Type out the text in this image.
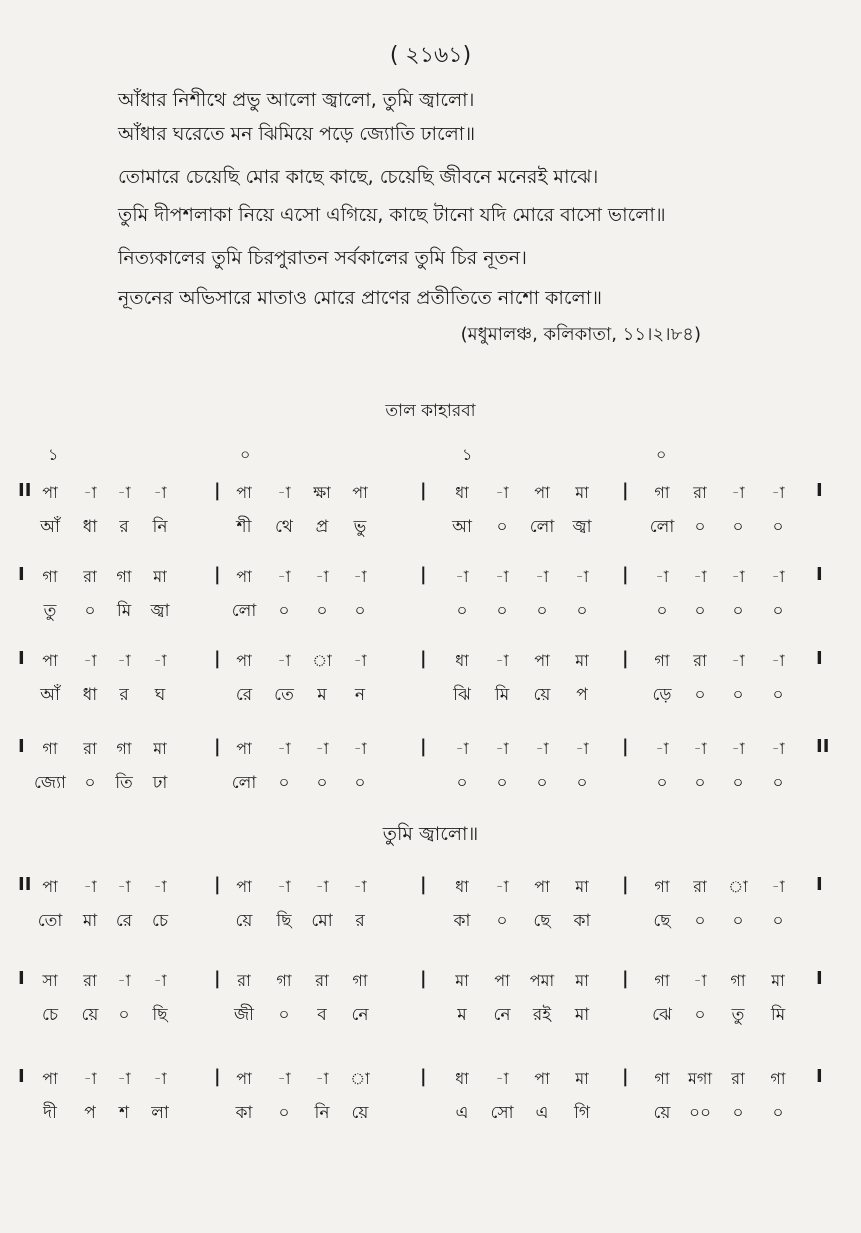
( ২১৬১)
আঁধার নিশীথে প্রভু আলো জ্বালো, তুমি জ্বালো।
আঁধার ঘরেতে মন ঝিমিয়ে পড়ে জ্যোতি ঢালো॥
তোমারে চেয়েছি মোর কাছে কাছে, চেয়েছি জীবনে মনেরই মাঝে।
তুমি দীপশলাকা নিয়ে এসো এগিয়ে, কাছে টানো যদি মোরে বাসো ভালো॥
নিত্যকালের তুমি চিরপুরাতন সর্বকালের তুমি চির নূতন।
নূতনের অভিসারে মাতাও মোরে প্রাণের প্রতীতিতে নাশো কালো॥
(মধুমালঞ্চ, কলিকাতা, ১১।২।৮৪)
তাল কাহারবা
১	০	১	০
II পা	-া	-া	-া	পা	-া	ক্ষা	পা	ধা	-া	পা	মা	গা	রা	-া	-া
|	|	|	I
আঁ	ধা	র	নি	শী	থে	প্র	ভু	আ	০	লো	জ্বা	লো	০	০	০
I	গা	রা	গা	মা	পা	-া	-া	-া	-া	-া	-া	-া	-া	-া	-া	-া
|	|	|	I
তু	০	মি	জ্বা	লো	০	০	০	০	০	০	০	০	০	০	০
I	পা	-া	-া	-া	পা	-া	া	-া	ধা	-া	পা	মা	গা	রা	-া	-া
|	|	|	I
আঁ	ধা	র	ঘ	রে	তে	ম	ন	ঝি	মি	য়ে	প	ড়ে	০	০	০
I	গা	রা	গা	মা	পা	-া	-া	-া	-া	-া	-া	-া	-া	-া	-া	-া
|	|	|	II
জ্যো	০	তি	ঢা	লো	০	০	০	০	০	০	০	০	০	০	০
II পা	-া	-া	-া	পা	-া	-া	-া	ধা	-া	পা	মা	গা	রা	া	-া
|	|	|	I
তো	মা	রে	চে	য়ে	ছি	মো	র	কা	০	ছে	কা	ছে	০	০	০
I	সা	রা	-া	-া	রা	গা	রা	গা	মা	পা	পমা	মা	গা	-া	গা	মা
|	|	|	I
চে	য়ে	০	ছি	জী	০	ব	নে	ম	নে	রই	মা	ঝে	০	তু	মি
I	পা	-া	-া	-া	পা	-া	-া	া	ধা	-া	পা	মা	গা	মগা	রা	গা
|	|	|	I
দী	প	শ	লা	কা	০	নি	য়ে	এ	সো	এ	গি	য়ে	০০	০	০
তুমি জ্বালো॥
